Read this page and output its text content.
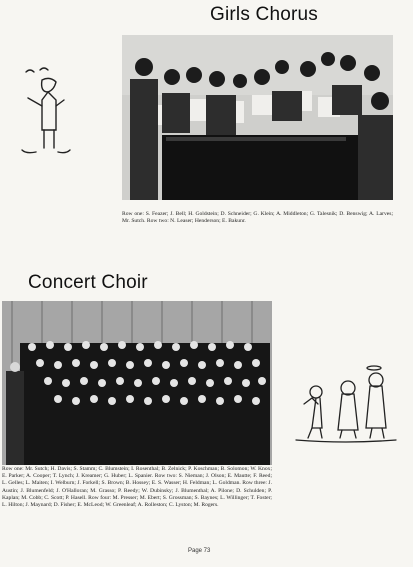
Girls Chorus
Row one: S. Feazer; J. Bell; H. Goldstein; D. Schneider; G. Klein; A. Middleton; G. Talesnik; D. Benswig; A. Larves; Mr. Sutch. Row two: N. Leaser; Henderson; E. Bakunr.
Concert Choir
Row one: Mr. Sutch; H. Davis; S. Stamm; C. Blumstein; I. Rosenthal; B. Zelnick; P. Koschman; B. Solomon; W. Knox; E. Parker; A. Cooper; T. Lynch; J. Kreamer; G. Huber; L. Spanier. Row two: S. Nieman; J. Olson; E. Mautte; F. Reed; L. Gelles; L. Maiten; I. Welburn; J. Forkell; S. Brown; B. Hossey; E. S. Wasser; H. Feldman; L. Goldman. Row three: J. Austin; J. Blumenfeld; J. O'Halloran; M. Grasso; P. Reedy; W. Dubinsky; J. Blumenthal; A. Pilone; D. Schulden; P. Kaplan; M. Cobb; C. Scott; P. Hasell. Row four: M. Presser; M. Ebert; S. Grossman; S. Baynes; L. Willinger; T. Foster; L. Hilton; J. Maynard; D. Fisher; E. McLeod; W. Greenleaf; A. Rolleston; C. Lyston; M. Rogers.
Page 73
